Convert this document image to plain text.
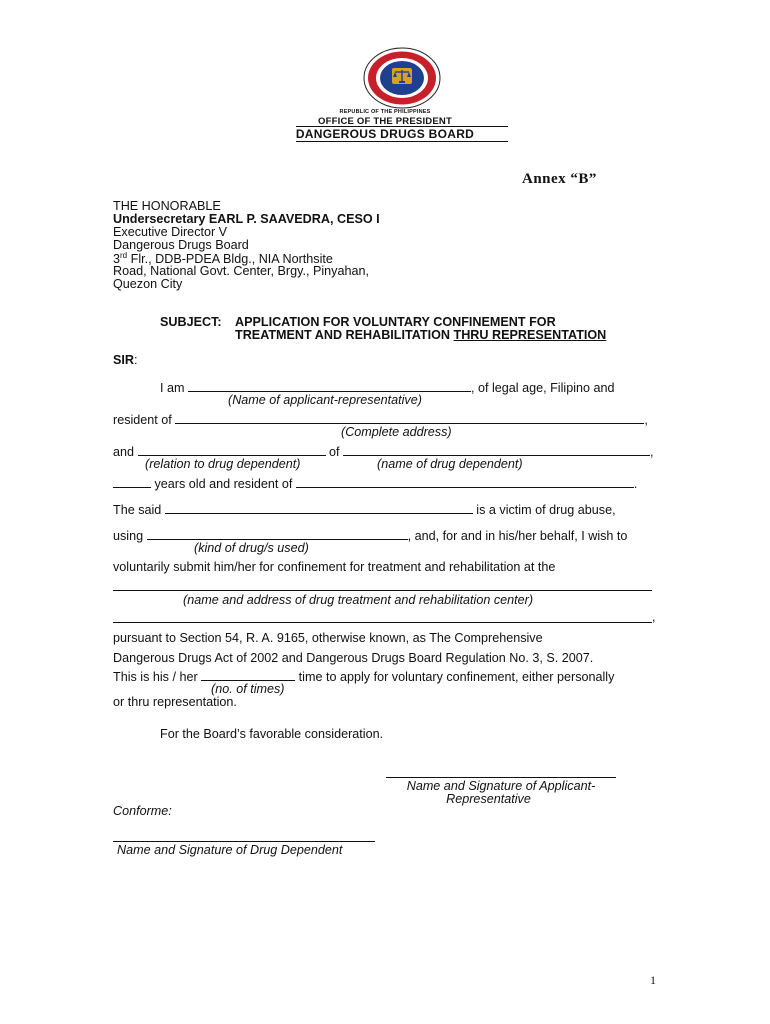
REPUBLIC OF THE PHILIPPINES
OFFICE OF THE PRESIDENT
DANGEROUS DRUGS BOARD
Annex “B”
THE HONORABLE
Undersecretary EARL P. SAAVEDRA, CESO I
Executive Director V
Dangerous Drugs Board
3rd Flr., DDB-PDEA Bldg., NIA Northsite
Road, National Govt. Center, Brgy., Pinyahan,
Quezon City
SUBJECT: APPLICATION FOR VOLUNTARY CONFINEMENT FOR
TREATMENT AND REHABILITATION THRU REPRESENTATION
SIR:
I am	, of legal age, Filipino and
(Name of applicant-representative)
resident of	,
(Complete address)
and	of	,
(relation to drug dependent)	(name of drug dependent)
years old and resident of	.
The said	is a victim of drug abuse,
using	, and, for and in his/her behalf, I wish to
(kind of drug/s used)
voluntarily submit him/her for confinement for treatment and rehabilitation at the
(name and address of drug treatment and rehabilitation center)
,
pursuant to Section 54, R. A. 9165, otherwise known, as The Comprehensive
Dangerous Drugs Act of 2002 and Dangerous Drugs Board Regulation No. 3, S. 2007.
This is his / her	time to apply for voluntary confinement, either personally
(no. of times)
or thru representation.
For the Board’s favorable consideration.
Name and Signature of Applicant-
Representative
Conforme:
Name and Signature of Drug Dependent
1
